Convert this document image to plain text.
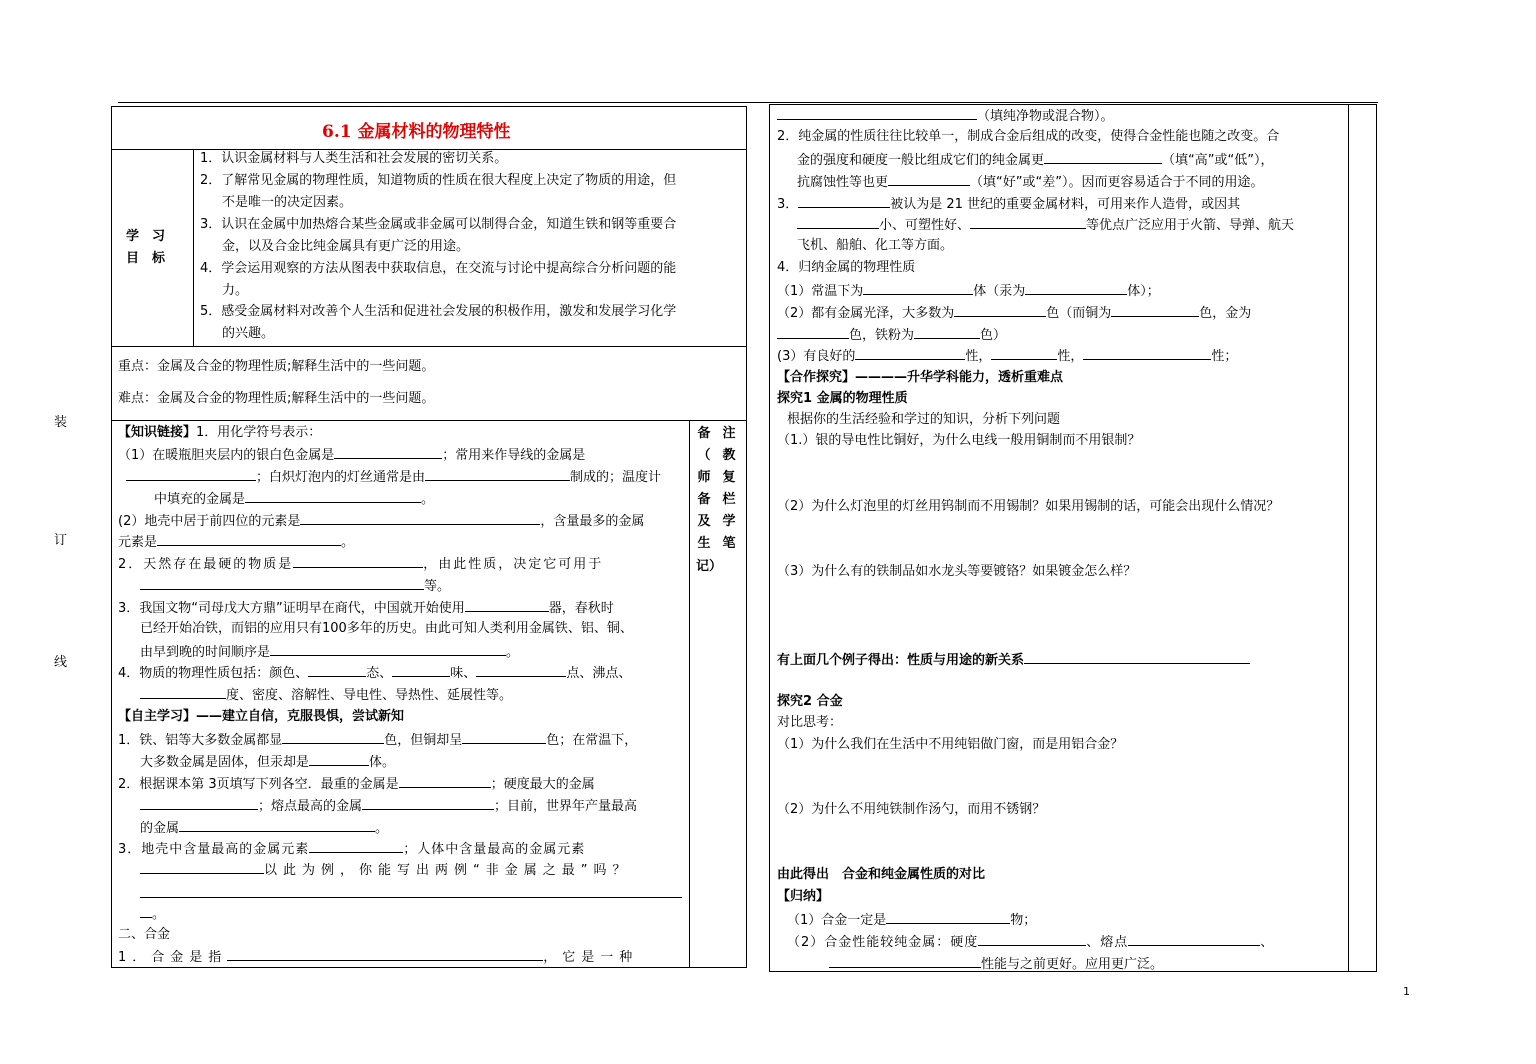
装
订
线
6.1 金属材料的物理特性
学　习
目　标
1．认识金属材料与人类生活和社会发展的密切关系。
2．了解常见金属的物理性质，知道物质的性质在很大程度上决定了物质的用途，但
不是唯一的决定因素。
3．认识在金属中加热熔合某些金属或非金属可以制得合金，知道生铁和钢等重要合
金，以及合金比纯金属具有更广泛的用途。
4．学会运用观察的方法从图表中获取信息，在交流与讨论中提高综合分析问题的能
力。
5．感受金属材料对改善个人生活和促进社会发展的积极作用，激发和发展学习化学
的兴趣。
重点：金属及合金的物理性质;解释生活中的一些问题。
难点：金属及合金的物理性质;解释生活中的一些问题。
备
（
师
备
及
生
注
教
复
栏
学
笔
记）
【知识链接】1．用化学符号表示：
（1）在暖瓶胆夹层内的银白色金属是	；常用来作导线的金属是
；白炽灯泡内的灯丝通常是由	制成的；温度计
中填充的金属是	。
(2）地壳中居于前四位的元素是	，含量最多的金属
元素是	。
2．天然存在最硬的物质是	，由此性质，决定它可用于
等。
3．我国文物“司母戊大方鼎”证明早在商代，中国就开始使用	器，春秋时
已经开始冶铁，而铝的应用只有100多年的历史。由此可知人类利用金属铁、铝、铜、
由早到晚的时间顺序是	。
4．物质的物理性质包括：颜色、	态、	味、	点、沸点、
度、密度、溶解性、导电性、导热性、延展性等。
【自主学习】——建立自信，克服畏惧，尝试新知
1．铁、铝等大多数金属都显	色，但铜却呈	色；在常温下，
大多数金属是固体，但汞却是	体。
2．根据课本第 3页填写下列各空．最重的金属是	；硬度最大的金属
；熔点最高的金属	；目前，世界年产量最高
的金属	。
3．地壳中含量最高的金属元素	；人体中含量最高的金属元素
以此为例，你能写出两例“非金属之最”吗？
。
二、合金
1．合金是指	，它是一种
（填纯净物或混合物）。
2．纯金属的性质往往比较单一，制成合金后组成的改变，使得合金性能也随之改变。合
金的强度和硬度一般比组成它们的纯金属更	（填“高”或“低”），
抗腐蚀性等也更	（填“好”或“差”）。因而更容易适合于不同的用途。
3．	被认为是 21 世纪的重要金属材料，可用来作人造骨，或因其
小、可塑性好、	等优点广泛应用于火箭、导弹、航天
飞机、船舶、化工等方面。
4．归纳金属的物理性质
（1）常温下为	体（汞为	体）；
（2）都有金属光泽，大多数为	色（而铜为	色，金为
色，铁粉为	色）
(3）有良好的	性，	性，	性；
【合作探究】————升华学科能力，透析重难点
探究1 金属的物理性质
根据你的生活经验和学过的知识，分析下列问题
（1.）银的导电性比铜好，为什么电线一般用铜制而不用银制？
（2）为什么灯泡里的灯丝用钨制而不用锡制？如果用锡制的话，可能会出现什么情况？
（3）为什么有的铁制品如水龙头等要镀铬？如果镀金怎么样？
有上面几个例子得出：性质与用途的新关系
探究2 合金
对比思考：
（1）为什么我们在生活中不用纯铝做门窗，而是用铝合金？
（2）为什么不用纯铁制作汤勺，而用不锈钢？
由此得出　合金和纯金属性质的对比
【归纳】
（1）合金一定是	物；
（2）合金性能较纯金属：硬度	、熔点	、
性能与之前更好。应用更广泛。
1
